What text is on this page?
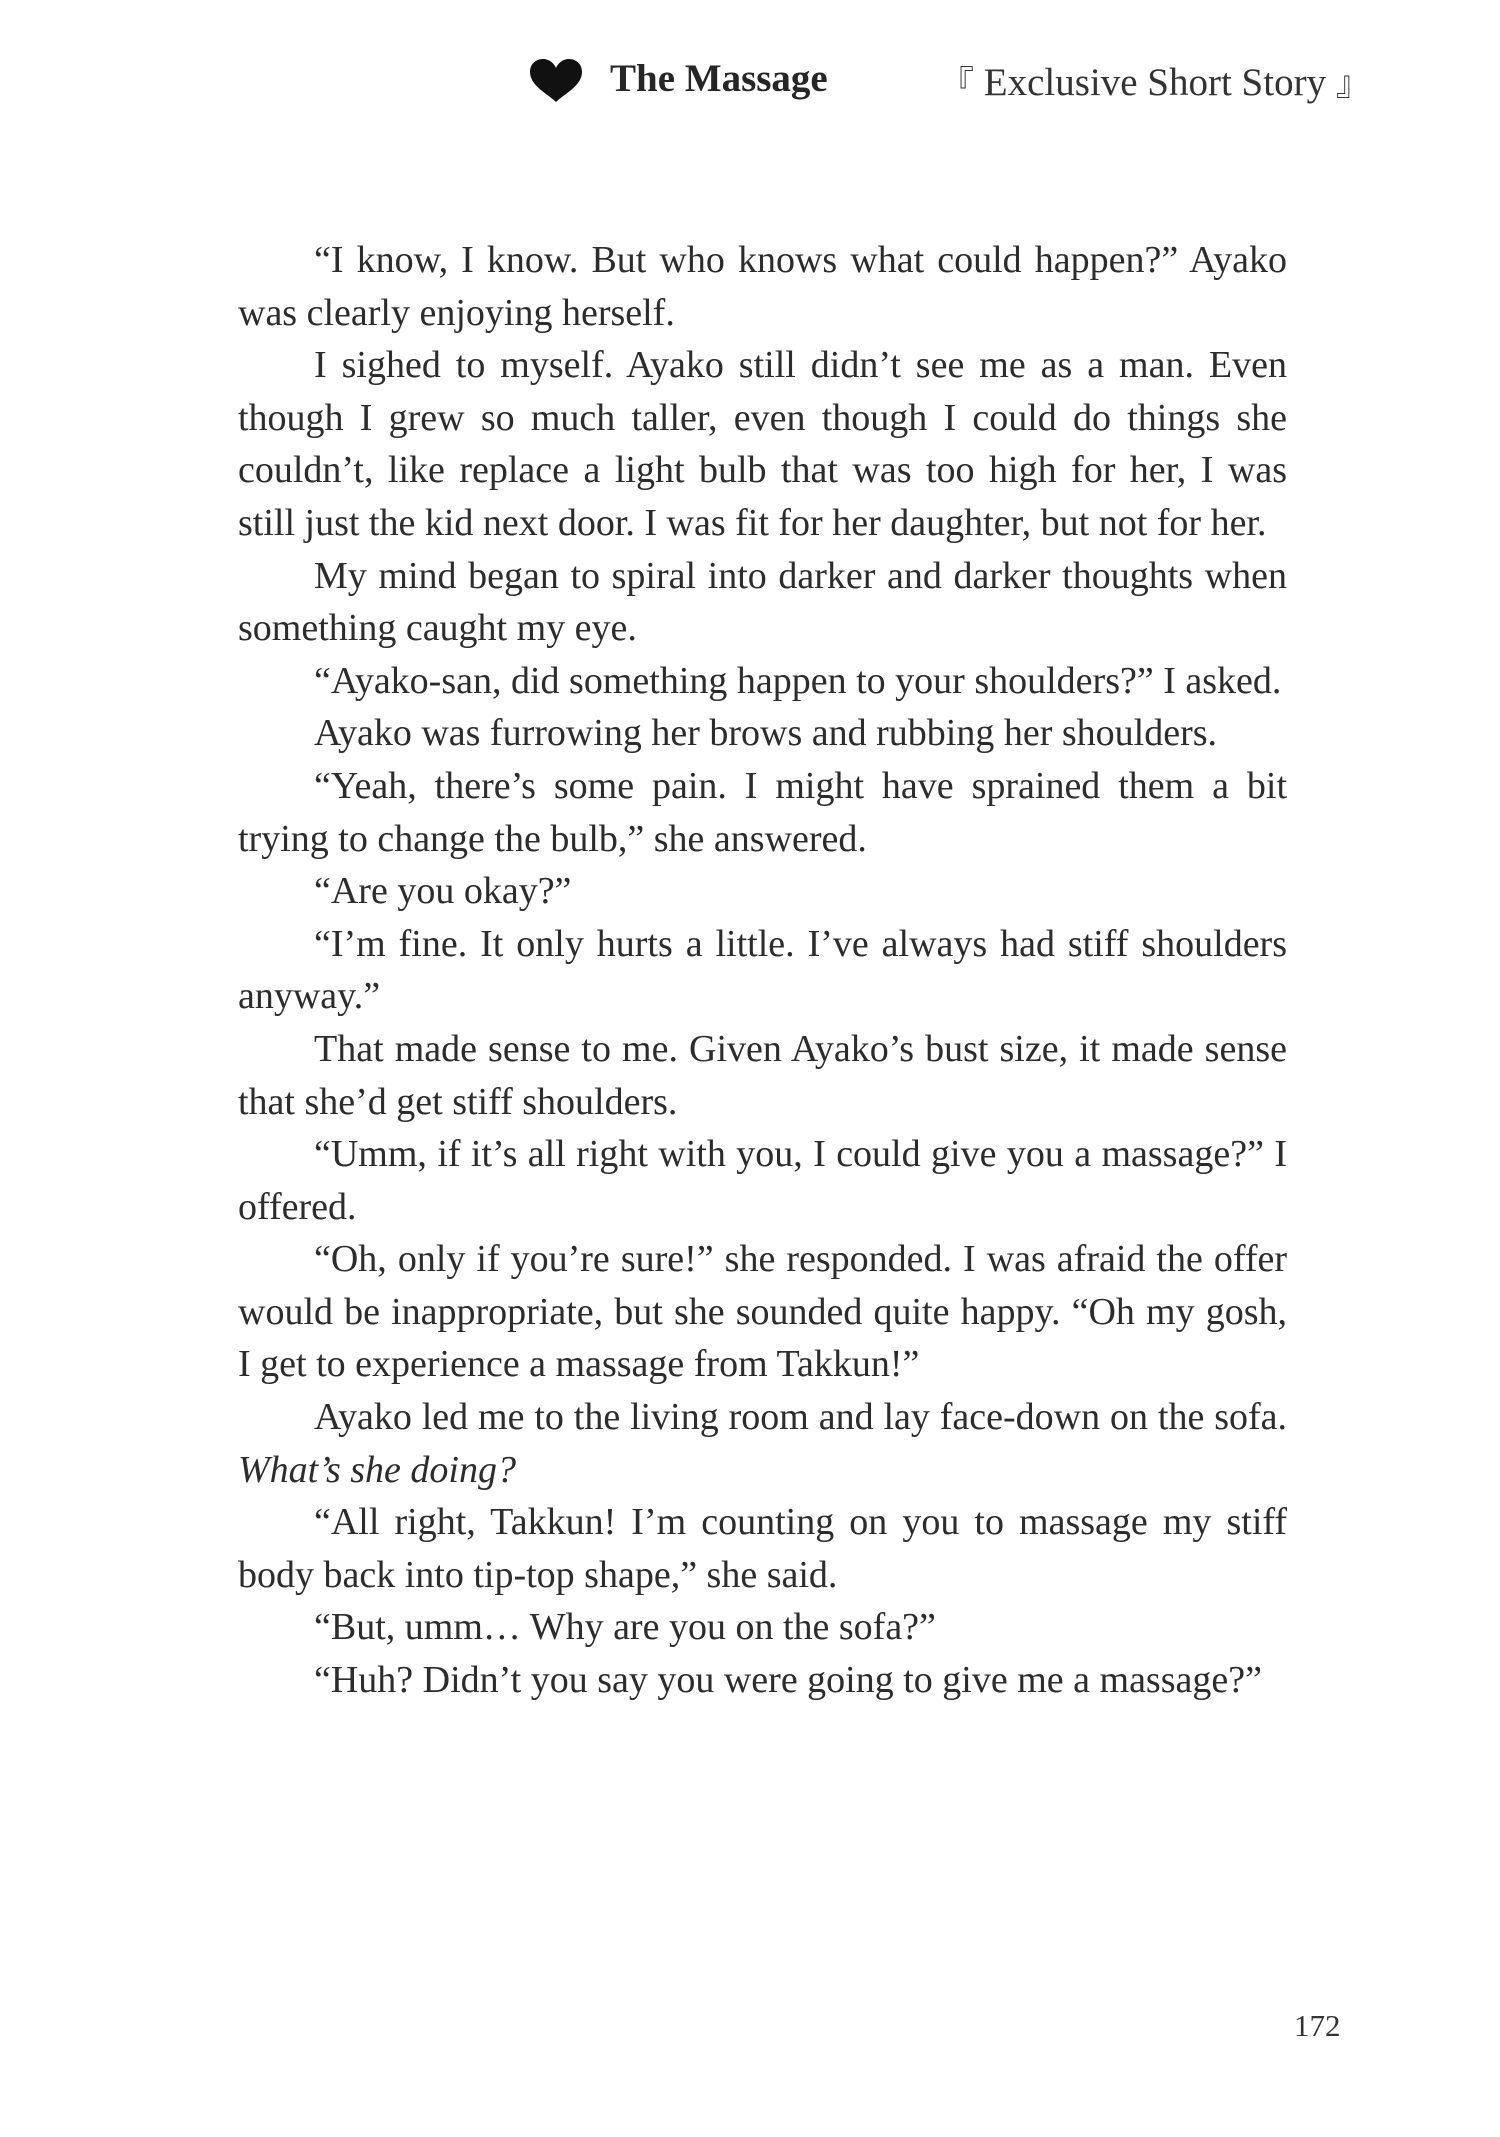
The Massage	『 Exclusive Short Story 』

“I know, I know. But who knows what could happen?” Ayako was clearly enjoying herself.

I sighed to myself. Ayako still didn’t see me as a man. Even though I grew so much taller, even though I could do things she couldn’t, like replace a light bulb that was too high for her, I was still just the kid next door. I was fit for her daughter, but not for her.

My mind began to spiral into darker and darker thoughts when something caught my eye.

“Ayako-san, did something happen to your shoulders?” I asked.

Ayako was furrowing her brows and rubbing her shoulders.

“Yeah, there’s some pain. I might have sprained them a bit trying to change the bulb,” she answered.

“Are you okay?”

“I’m fine. It only hurts a little. I’ve always had stiff shoulders anyway.”

That made sense to me. Given Ayako’s bust size, it made sense that she’d get stiff shoulders.

“Umm, if it’s all right with you, I could give you a massage?” I offered.

“Oh, only if you’re sure!” she responded. I was afraid the offer would be inappropriate, but she sounded quite happy. “Oh my gosh, I get to experience a massage from Takkun!”

Ayako led me to the living room and lay face-down on the sofa. What’s she doing?

“All right, Takkun! I’m counting on you to massage my stiff body back into tip-top shape,” she said.

“But, umm… Why are you on the sofa?”

“Huh? Didn’t you say you were going to give me a massage?”

172
